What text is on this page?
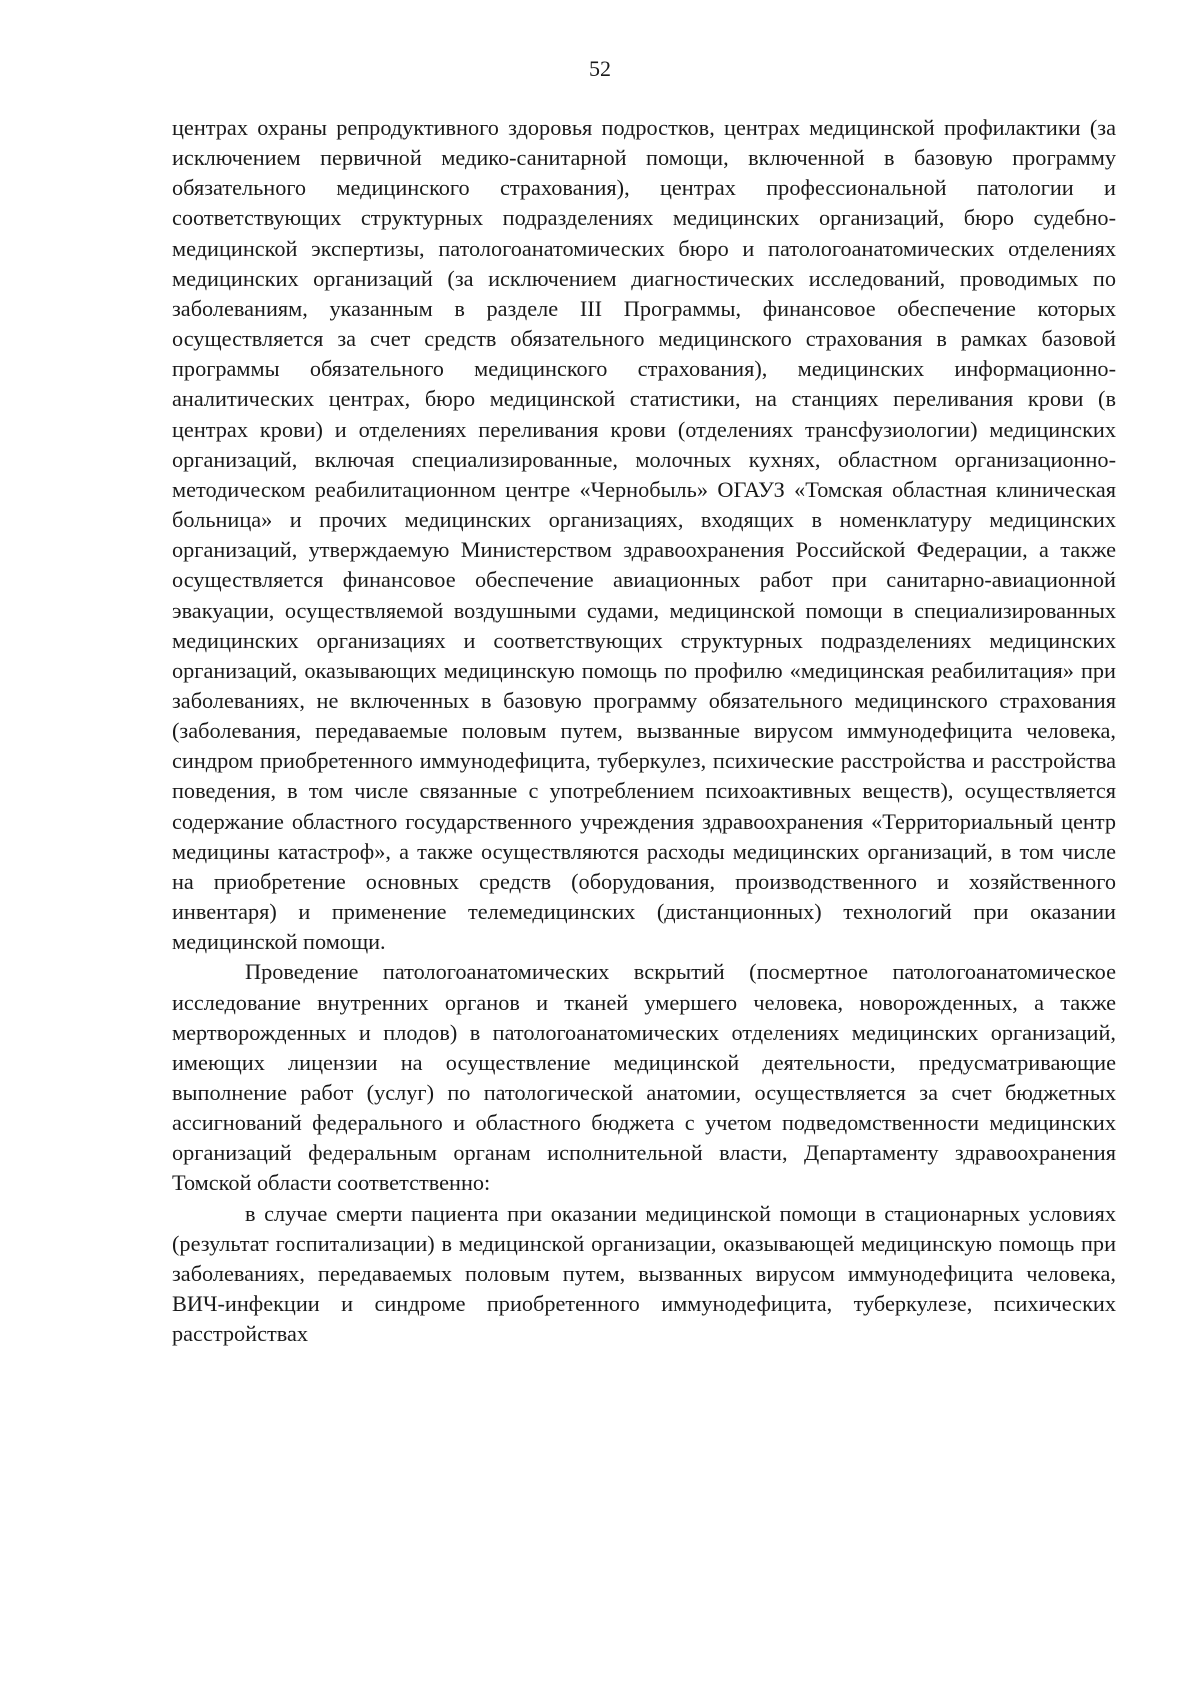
52

центрах охраны репродуктивного здоровья подростков, центрах медицинской профилактики (за исключением первичной медико-санитарной помощи, включенной в базовую программу обязательного медицинского страхования), центрах профессиональной патологии и соответствующих структурных подразделениях медицинских организаций, бюро судебно-медицинской экспертизы, патологоанатомических бюро и патологоанатомических отделениях медицинских организаций (за исключением диагностических исследований, проводимых по заболеваниям, указанным в разделе III Программы, финансовое обеспечение которых осуществляется за счет средств обязательного медицинского страхования в рамках базовой программы обязательного медицинского страхования), медицинских информационно-аналитических центрах, бюро медицинской статистики, на станциях переливания крови (в центрах крови) и отделениях переливания крови (отделениях трансфузиологии) медицинских организаций, включая специализированные, молочных кухнях, областном организационно-методическом реабилитационном центре «Чернобыль» ОГАУЗ «Томская областная клиническая больница» и прочих медицинских организациях, входящих в номенклатуру медицинских организаций, утверждаемую Министерством здравоохранения Российской Федерации, а также осуществляется финансовое обеспечение авиационных работ при санитарно-авиационной эвакуации, осуществляемой воздушными судами, медицинской помощи в специализированных медицинских организациях и соответствующих структурных подразделениях медицинских организаций, оказывающих медицинскую помощь по профилю «медицинская реабилитация» при заболеваниях, не включенных в базовую программу обязательного медицинского страхования (заболевания, передаваемые половым путем, вызванные вирусом иммунодефицита человека, синдром приобретенного иммунодефицита, туберкулез, психические расстройства и расстройства поведения, в том числе связанные с употреблением психоактивных веществ), осуществляется содержание областного государственного учреждения здравоохранения «Территориальный центр медицины катастроф», а также осуществляются расходы медицинских организаций, в том числе на приобретение основных средств (оборудования, производственного и хозяйственного инвентаря) и применение телемедицинских (дистанционных) технологий при оказании медицинской помощи.

Проведение патологоанатомических вскрытий (посмертное патологоанатомическое исследование внутренних органов и тканей умершего человека, новорожденных, а также мертворожденных и плодов) в патологоанатомических отделениях медицинских организаций, имеющих лицензии на осуществление медицинской деятельности, предусматривающие выполнение работ (услуг) по патологической анатомии, осуществляется за счет бюджетных ассигнований федерального и областного бюджета с учетом подведомственности медицинских организаций федеральным органам исполнительной власти, Департаменту здравоохранения Томской области соответственно:

в случае смерти пациента при оказании медицинской помощи в стационарных условиях (результат госпитализации) в медицинской организации, оказывающей медицинскую помощь при заболеваниях, передаваемых половым путем, вызванных вирусом иммунодефицита человека, ВИЧ-инфекции и синдроме приобретенного иммунодефицита, туберкулезе, психических расстройствах
